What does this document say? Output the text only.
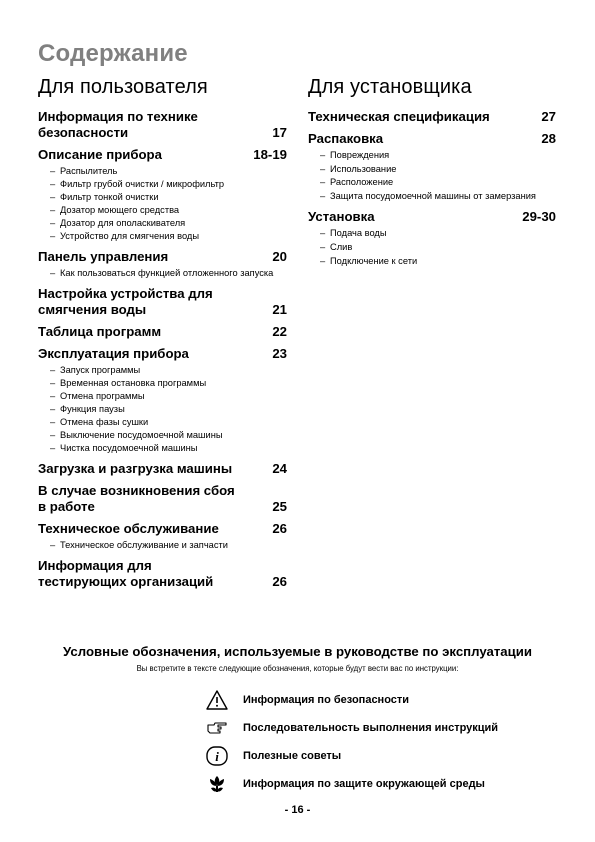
Содержание
Для пользователя
Информация по технике безопасности	17
Описание прибора	18-19
– Распылитель
– Фильтр грубой очистки / микрофильтр
– Фильтр тонкой очистки
– Дозатор моющего средства
– Дозатор для ополаскивателя
– Устройство для смягчения воды
Панель управления	20
– Как пользоваться функцией отложенного запуска
Настройка устройства для смягчения воды	21
Таблица программ	22
Эксплуатация прибора	23
– Запуск программы
– Временная остановка программы
– Отмена программы
– Функция паузы
– Отмена фазы сушки
– Выключение посудомоечной машины
– Чистка посудомоечной машины
Загрузка и разгрузка машины	24
В случае возникновения сбоя в работе	25
Техническое обслуживание	26
– Техническое обслуживание и запчасти
Информация для тестирующих организаций	26
Для установщика
Техническая спецификация	27
Распаковка	28
– Повреждения
– Использование
– Расположение
– Защита посудомоечной машины от замерзания
Установка	29-30
– Подача воды
– Слив
– Подключение к сети
Условные обозначения, используемые в руководстве по эксплуатации
Вы встретите в тексте следующие обозначения, которые будут вести вас по инструкции:
Информация по безопасности
Последовательность выполнения инструкций
i Полезные советы
Информация по защите окружающей среды
- 16 -
